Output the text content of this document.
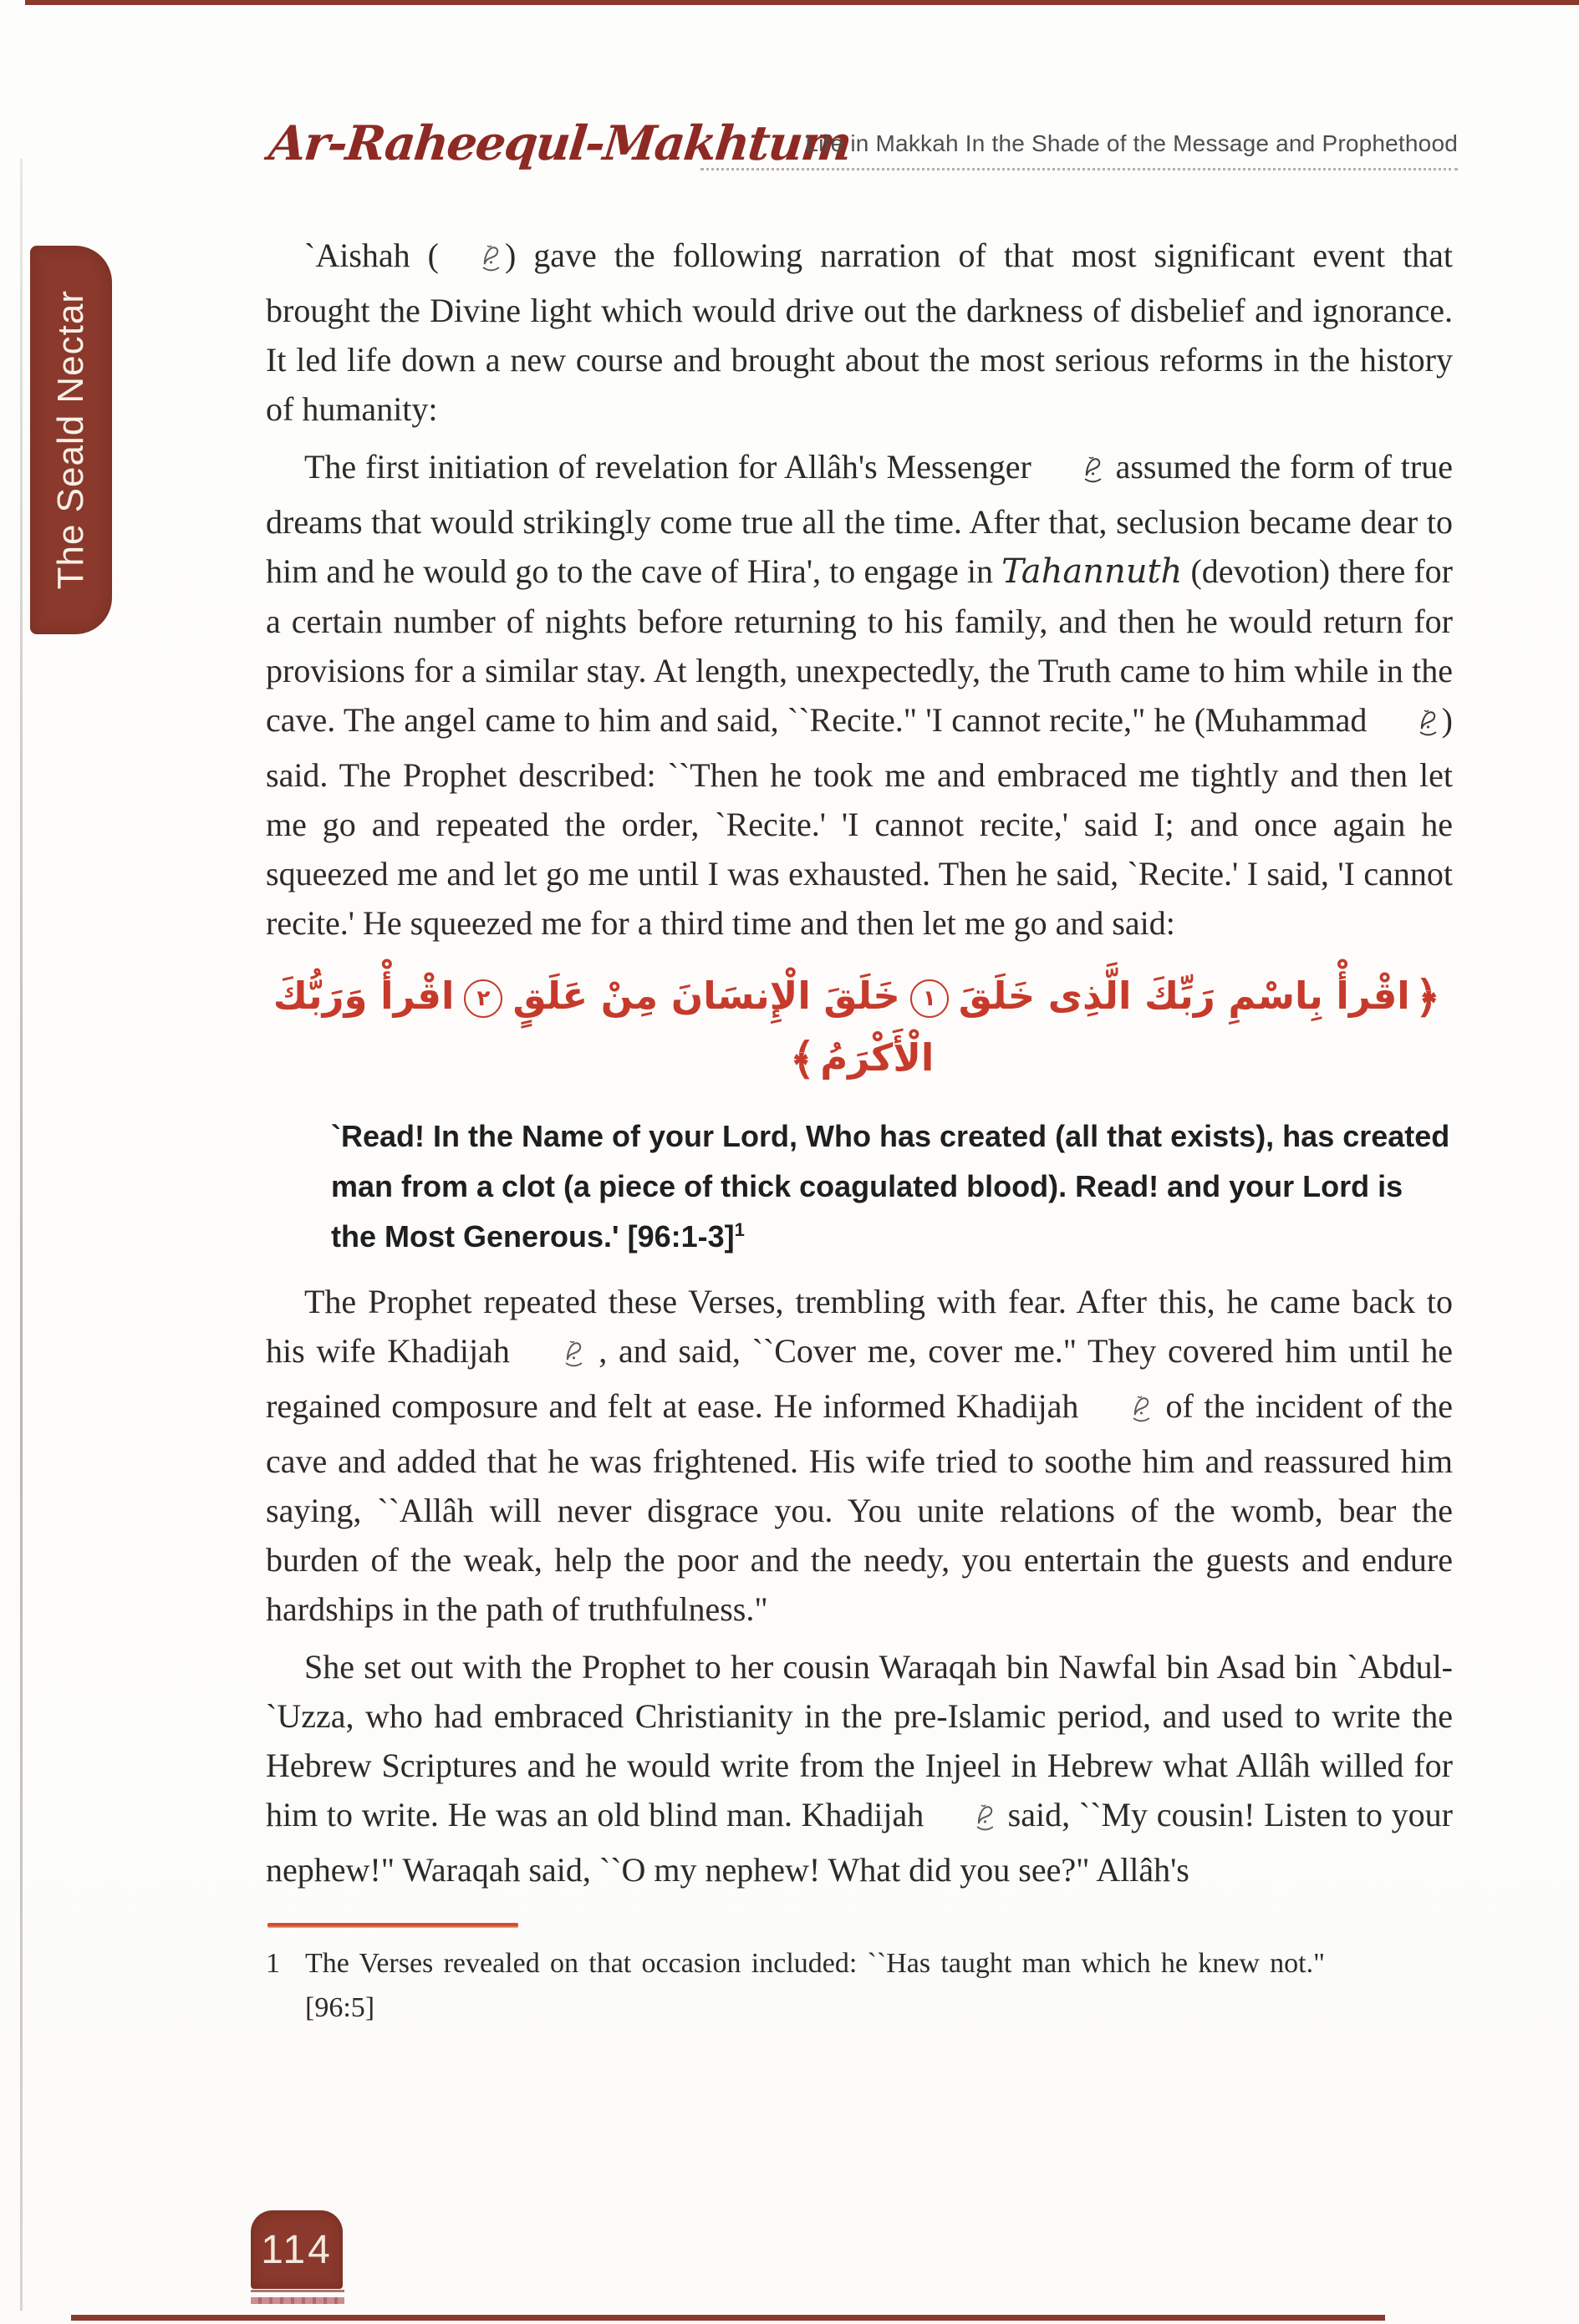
Ar-Raheequl-Makhtum
Life in Makkah In the Shade of the Message and Prophethood
The Seald Nectar

`Aishah ( ) gave the following narration of that most significant event that brought the Divine light which would drive out the darkness of disbelief and ignorance. It led life down a new course and brought about the most serious reforms in the history of humanity:

The first initiation of revelation for Allâh's Messenger  assumed the form of true dreams that would strikingly come true all the time. After that, seclusion became dear to him and he would go to the cave of Hira', to engage in Tahannuth (devotion) there for a certain number of nights before returning to his family, and then he would return for provisions for a similar stay. At length, unexpectedly, the Truth came to him while in the cave. The angel came to him and said, ``Recite." 'I cannot recite," he (Muhammad ) said. The Prophet described: ``Then he took me and embraced me tightly and then let me go and repeated the order, `Recite.' 'I cannot recite,' said I; and once again he squeezed me and let go me until I was exhausted. Then he said, `Recite.' I said, 'I cannot recite.' He squeezed me for a third time and then let me go and said:

﴿اقْرأْ بِاسْمِ رَبِّكَ الَّذِى خَلَقَ١خَلَقَ الْإِنسَانَ مِنْ عَلَقٍ٢اقْرأْ وَرَبُّكَ الْأَكْرَمُ﴾
`Read! In the Name of your Lord, Who has created (all that exists), has created man from a clot (a piece of thick coagulated blood). Read! and your Lord is the Most Generous.' [96:1-3]$^1$

The Prophet repeated these Verses, trembling with fear. After this, he came back to his wife Khadijah  , and said, ``Cover me, cover me." They covered him until he regained composure and felt at ease. He informed Khadijah  of the incident of the cave and added that he was frightened. His wife tried to soothe him and reassured him saying, ``Allâh will never disgrace you. You unite relations of the womb, bear the burden of the weak, help the poor and the needy, you entertain the guests and endure hardships in the path of truthfulness."

She set out with the Prophet to her cousin Waraqah bin Nawfal bin Asad bin `Abdul-`Uzza, who had embraced Christianity in the pre-Islamic period, and used to write the Hebrew Scriptures and he would write from the Injeel in Hebrew what Allâh willed for him to write. He was an old blind man. Khadijah  said, ``My cousin! Listen to your nephew!" Waraqah said, ``O my nephew! What did you see?" Allâh's

1 The Verses revealed on that occasion included: ``Has taught man which he knew not." [96:5]
114
